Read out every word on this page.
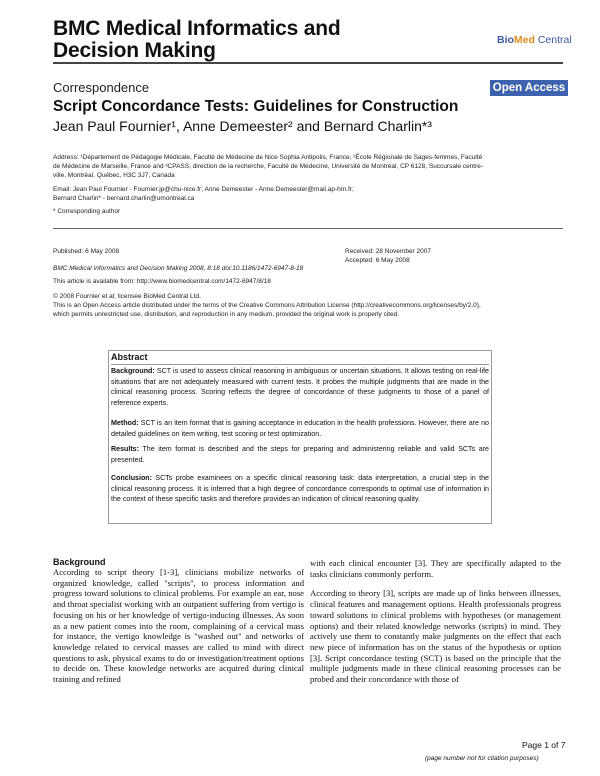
BMC Medical Informatics and
Decision Making	BioMed Central
Correspondence	Open Access
Script Concordance Tests: Guidelines for Construction
Jean Paul Fournier¹, Anne Demeester² and Bernard Charlin*³
Address: ¹Département de Pédagogie Médicale, Faculté de Médecine de Nice Sophia Antipolis, France, ²École Régionale de Sages-femmes, Faculté
de Médecine de Marseille, France and ³CPASS, direction de la recherche, Faculté de Médecine, Université de Montréal, CP 6128, Succursale centre-
ville, Montréal, Québec, H3C 3J7, Canada
Email: Jean Paul Fournier - Fournier.jp@chu-nice.fr; Anne Demeester - Anne.Demeester@mail.ap-hm.fr;
Bernard Charlin* - bernard.charlin@umontreal.ca
* Corresponding author
Published: 6 May 2008	Received: 28 November 2007
Accepted: 6 May 2008
BMC Medical Informatics and Decision Making 2008, 8:18 doi:10.1186/1472-6947-8-18
This article is available from: http://www.biomedcentral.com/1472-6947/8/18
© 2008 Fournier et al; licensee BioMed Central Ltd.
This is an Open Access article distributed under the terms of the Creative Commons Attribution License (http://creativecommons.org/licenses/by/2.0),
which permits unrestricted use, distribution, and reproduction in any medium, provided the original work is properly cited.
Abstract
Background: SCT is used to assess clinical reasoning in ambiguous or uncertain situations. It allows testing on real-life situations that are not adequately measured with current tests. It probes the multiple judgments that are made in the clinical reasoning process. Scoring reflects the degree of concordance of these judgments to those of a panel of reference experts.
Method: SCT is an item format that is gaining acceptance in education in the health professions. However, there are no detailed guidelines on item writing, test scoring or test optimization.
Results: The item format is described and the steps for preparing and administering reliable and valid SCTs are presented.
Conclusion: SCTs probe examinees on a specific clinical reasoning task: data interpretation, a crucial step in the clinical reasoning process. It is inferred that a high degree of concordance corresponds to optimal use of information in the context of these specific tasks and therefore provides an indication of clinical reasoning quality.
Background
According to script theory [1-3], clinicians mobilize networks of organized knowledge, called "scripts", to process information and progress toward solutions to clinical problems. For example an ear, nose and throat specialist working with an outpatient suffering from vertigo is focusing on his or her knowledge of vertigo-inducing illnesses. As soon as a new patient comes into the room, complaining of a cervical mass for instance, the vertigo knowledge is "washed out" and networks of knowledge related to cervical masses are called to mind with direct questions to ask, physical exams to do or investigation/treatment options to decide on. These knowledge networks are acquired during clinical training and refined
with each clinical encounter [3]. They are specifically adapted to the tasks clinicians commonly perform.
According to theory [3], scripts are made up of links between illnesses, clinical features and management options. Health professionals progress toward solutions to clinical problems with hypotheses (or management options) and their related knowledge networks (scripts) in mind. They actively use them to constantly make judgments on the effect that each new piece of information has on the status of the hypothesis or option [3]. Script concordance testing (SCT) is based on the principle that the multiple judgments made in these clinical reasoning processes can be probed and their concordance with those of
Page 1 of 7
(page number not for citation purposes)
